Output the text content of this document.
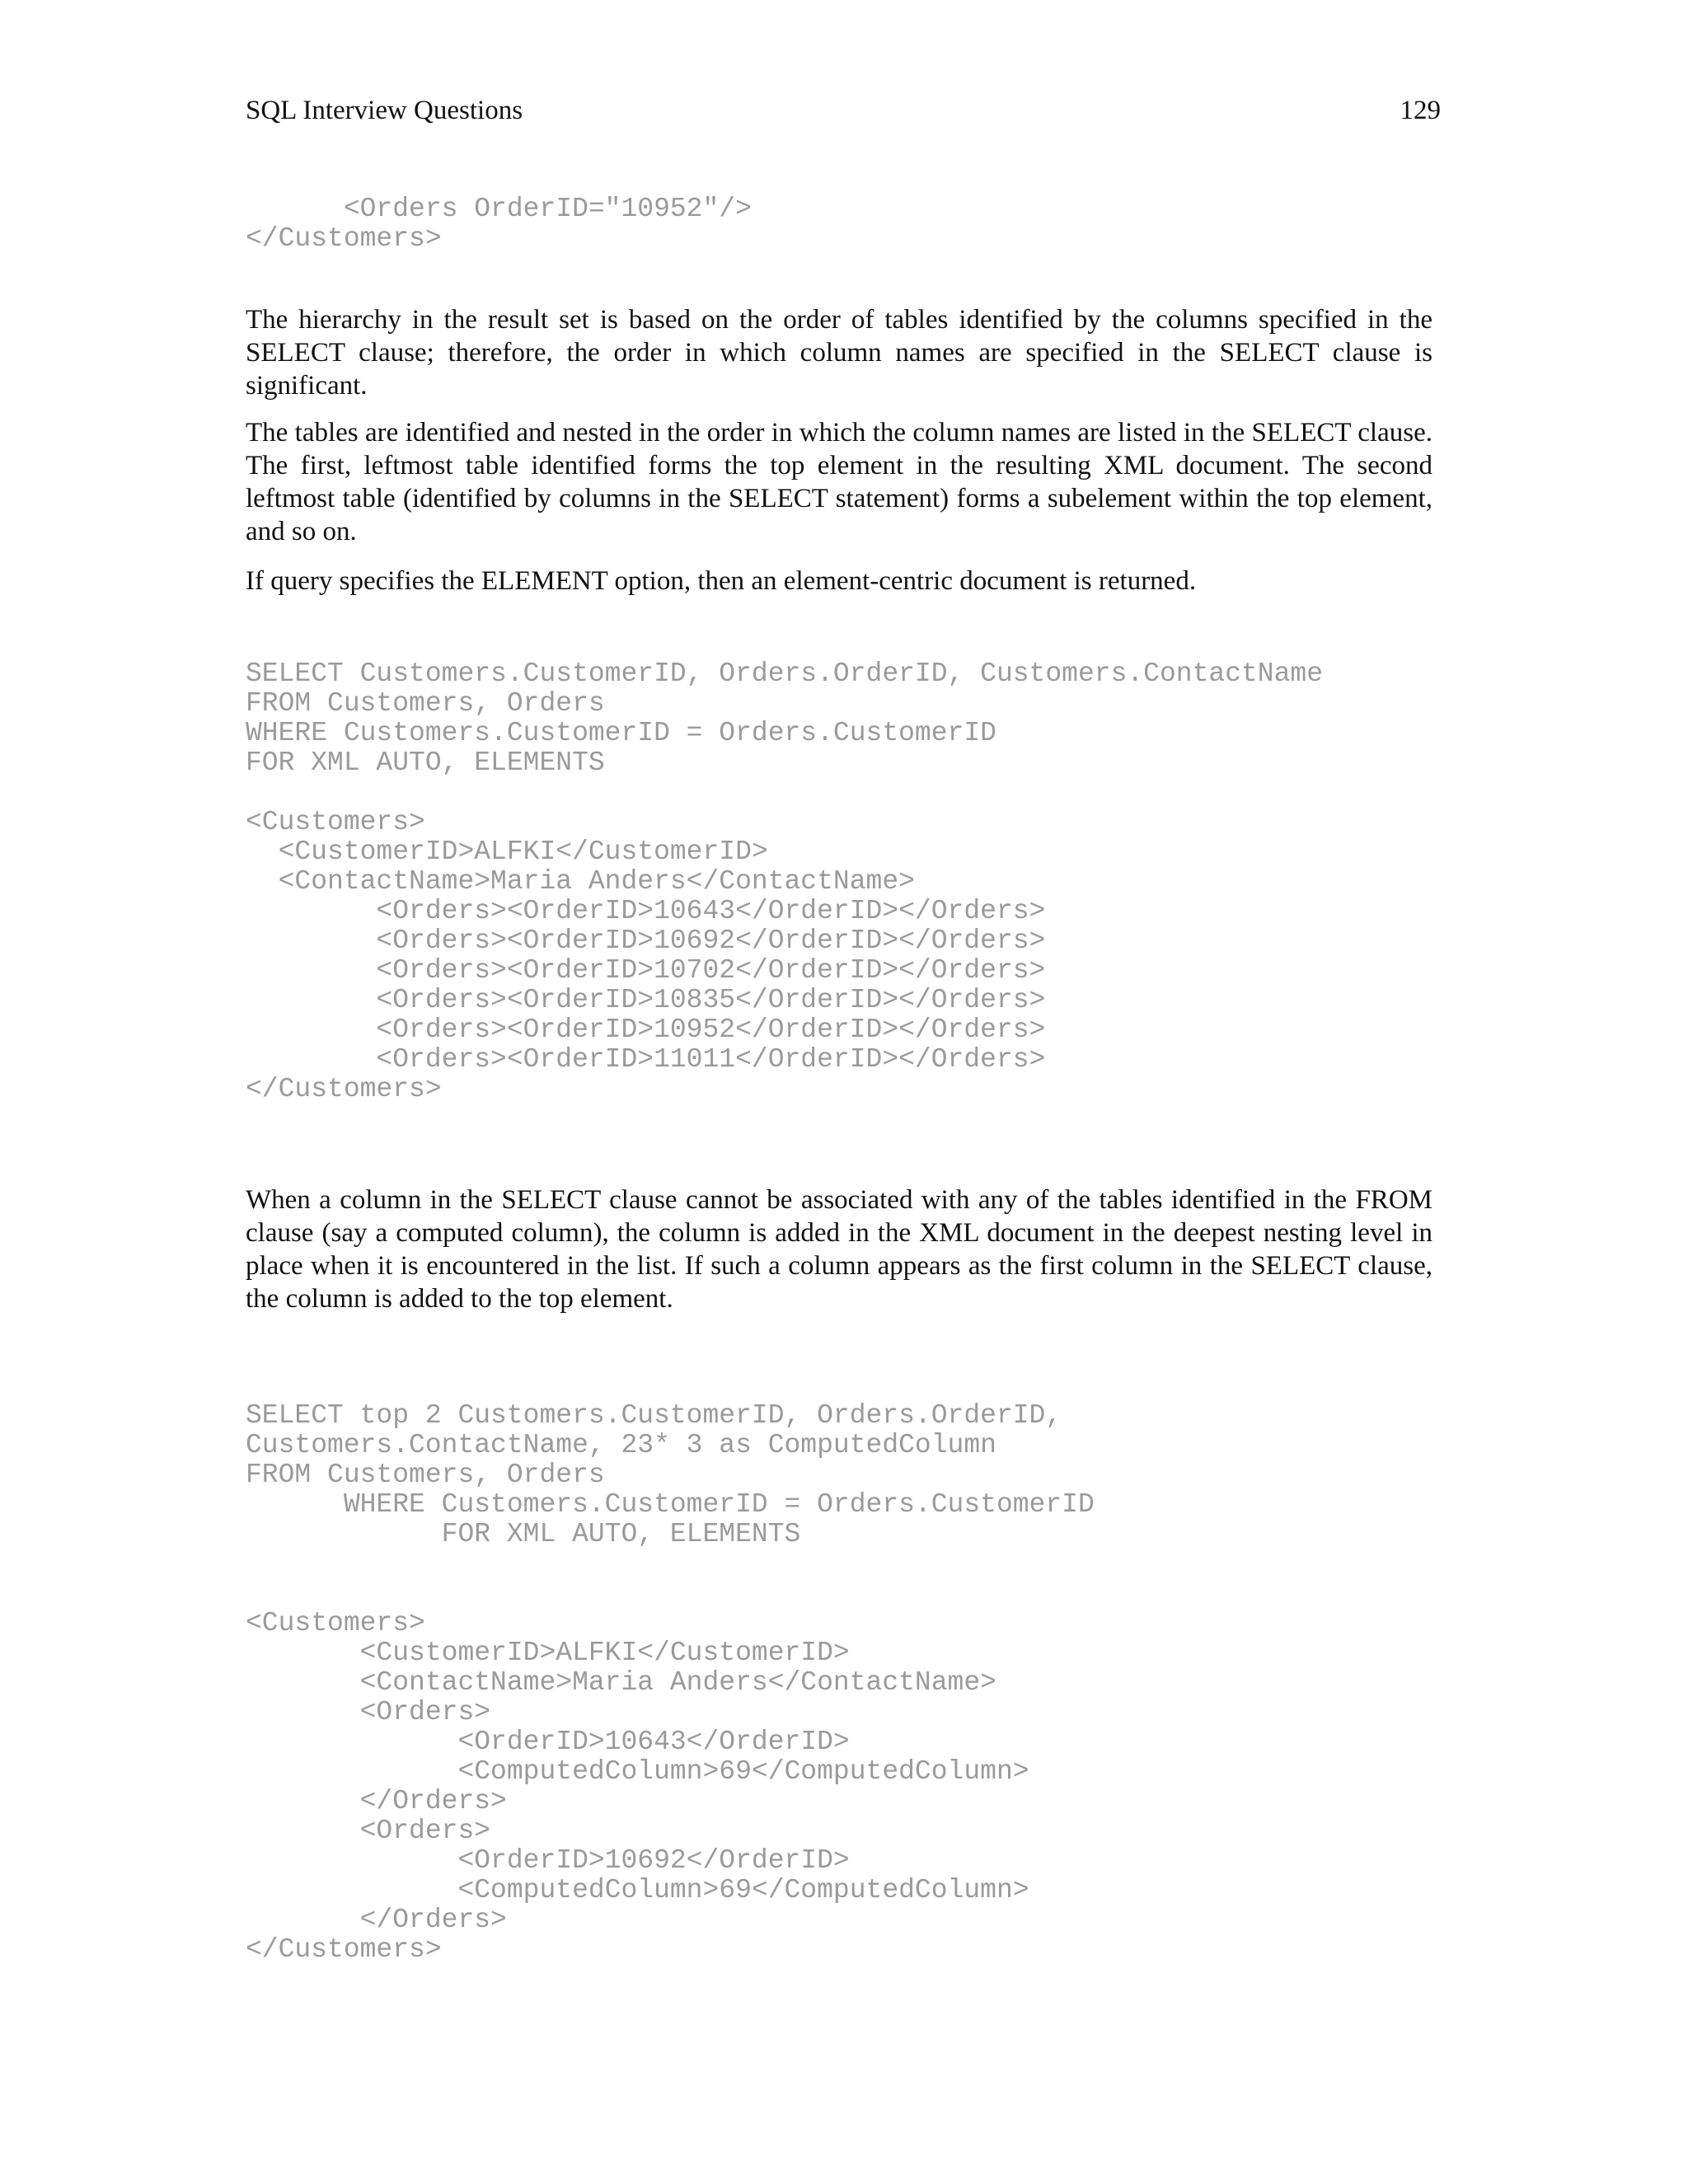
SQL Interview Questions	129
<Orders OrderID="10952"/>
</Customers>

The hierarchy in the result set is based on the order of tables identified by the columns specified in the SELECT clause; therefore, the order in which column names are specified in the SELECT clause is significant.

The tables are identified and nested in the order in which the column names are listed in the SELECT clause. The first, leftmost table identified forms the top element in the resulting XML document. The second leftmost table (identified by columns in the SELECT statement) forms a subelement within the top element, and so on.

If query specifies the ELEMENT option, then an element-centric document is returned.

SELECT Customers.CustomerID, Orders.OrderID, Customers.ContactName
FROM Customers, Orders
WHERE Customers.CustomerID = Orders.CustomerID
FOR XML AUTO, ELEMENTS

<Customers>
<CustomerID>ALFKI</CustomerID>
<ContactName>Maria Anders</ContactName>
<Orders><OrderID>10643</OrderID></Orders>
<Orders><OrderID>10692</OrderID></Orders>
<Orders><OrderID>10702</OrderID></Orders>
<Orders><OrderID>10835</OrderID></Orders>
<Orders><OrderID>10952</OrderID></Orders>
<Orders><OrderID>11011</OrderID></Orders>
</Customers>

When a column in the SELECT clause cannot be associated with any of the tables identified in the FROM clause (say a computed column), the column is added in the XML document in the deepest nesting level in place when it is encountered in the list. If such a column appears as the first column in the SELECT clause, the column is added to the top element.

SELECT top 2 Customers.CustomerID, Orders.OrderID,
Customers.ContactName, 23* 3 as ComputedColumn
FROM Customers, Orders
WHERE Customers.CustomerID = Orders.CustomerID
FOR XML AUTO, ELEMENTS
<Customers>
<CustomerID>ALFKI</CustomerID>
<ContactName>Maria Anders</ContactName>
<Orders>
<OrderID>10643</OrderID>
<ComputedColumn>69</ComputedColumn>
</Orders>
<Orders>
<OrderID>10692</OrderID>
<ComputedColumn>69</ComputedColumn>
</Orders>
</Customers>
